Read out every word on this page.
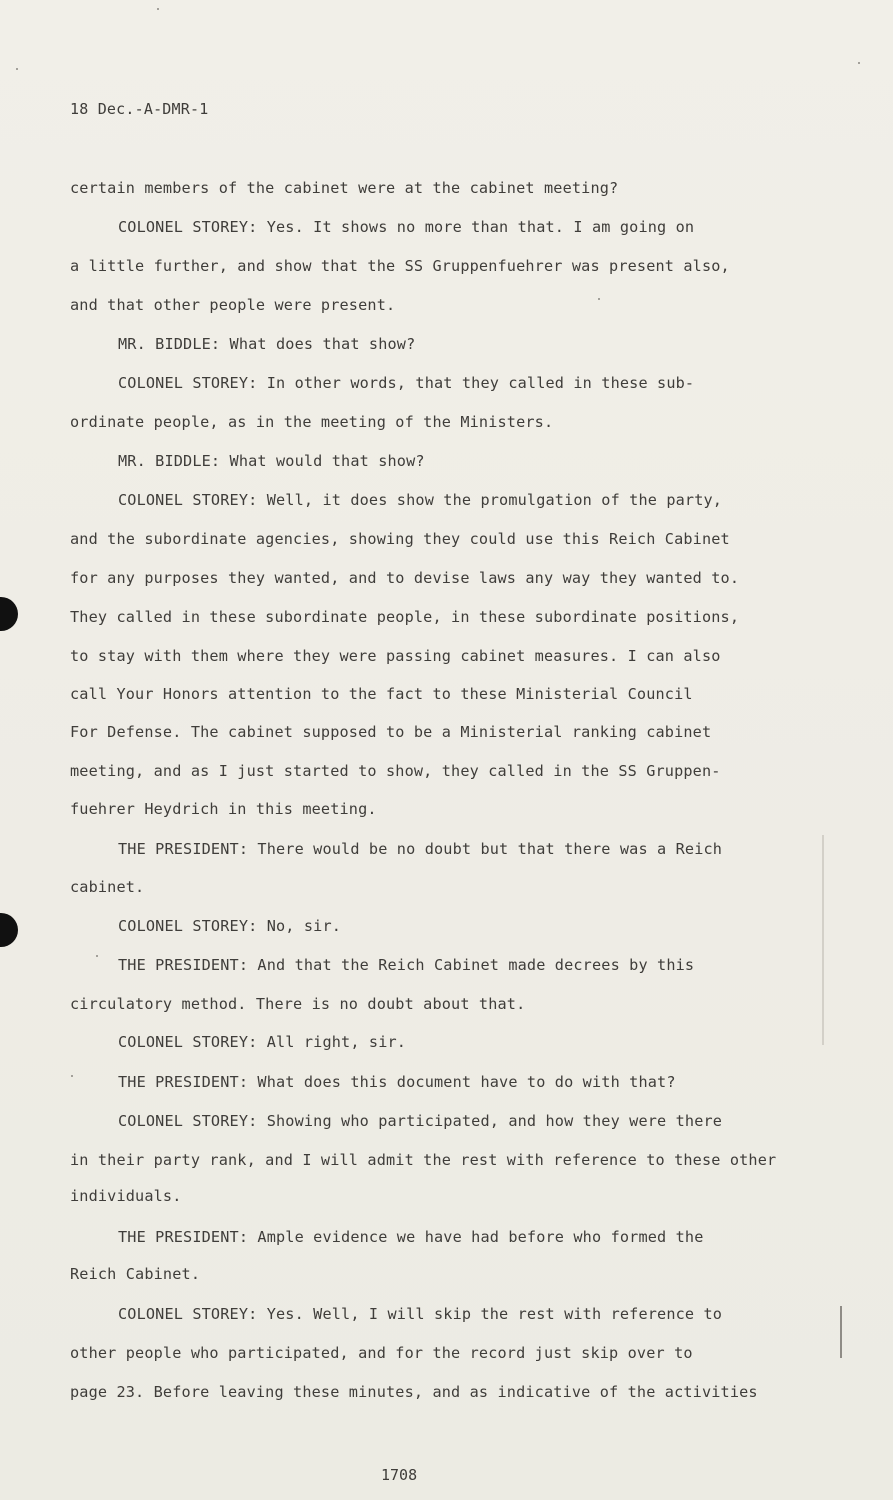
18 Dec.-A-DMR-1
certain members of the cabinet were at the cabinet meeting?
COLONEL STOREY: Yes. It shows no more than that. I am going on
a little further, and show that the SS Gruppenfuehrer was present also,
and that other people were present.
MR. BIDDLE: What does that show?
COLONEL STOREY: In other words, that they called in these sub-
ordinate people, as in the meeting of the Ministers.
MR. BIDDLE: What would that show?
COLONEL STOREY: Well, it does show the promulgation of the party,
and the subordinate agencies, showing they could use this Reich Cabinet
for any purposes they wanted, and to devise laws any way they wanted to.
They called in these subordinate people, in these subordinate positions,
to stay with them where they were passing cabinet measures. I can also
call Your Honors attention to the fact to these Ministerial Council
For Defense. The cabinet supposed to be a Ministerial ranking cabinet
meeting, and as I just started to show, they called in the SS Gruppen-
fuehrer Heydrich in this meeting.
THE PRESIDENT: There would be no doubt but that there was a Reich
cabinet.
COLONEL STOREY: No, sir.
THE PRESIDENT: And that the Reich Cabinet made decrees by this
circulatory method. There is no doubt about that.
COLONEL STOREY: All right, sir.
THE PRESIDENT: What does this document have to do with that?
COLONEL STOREY: Showing who participated, and how they were there
in their party rank, and I will admit the rest with reference to these other
individuals.
THE PRESIDENT: Ample evidence we have had before who formed the
Reich Cabinet.
COLONEL STOREY: Yes. Well, I will skip the rest with reference to
other people who participated, and for the record just skip over to
page 23. Before leaving these minutes, and as indicative of the activities
1708
